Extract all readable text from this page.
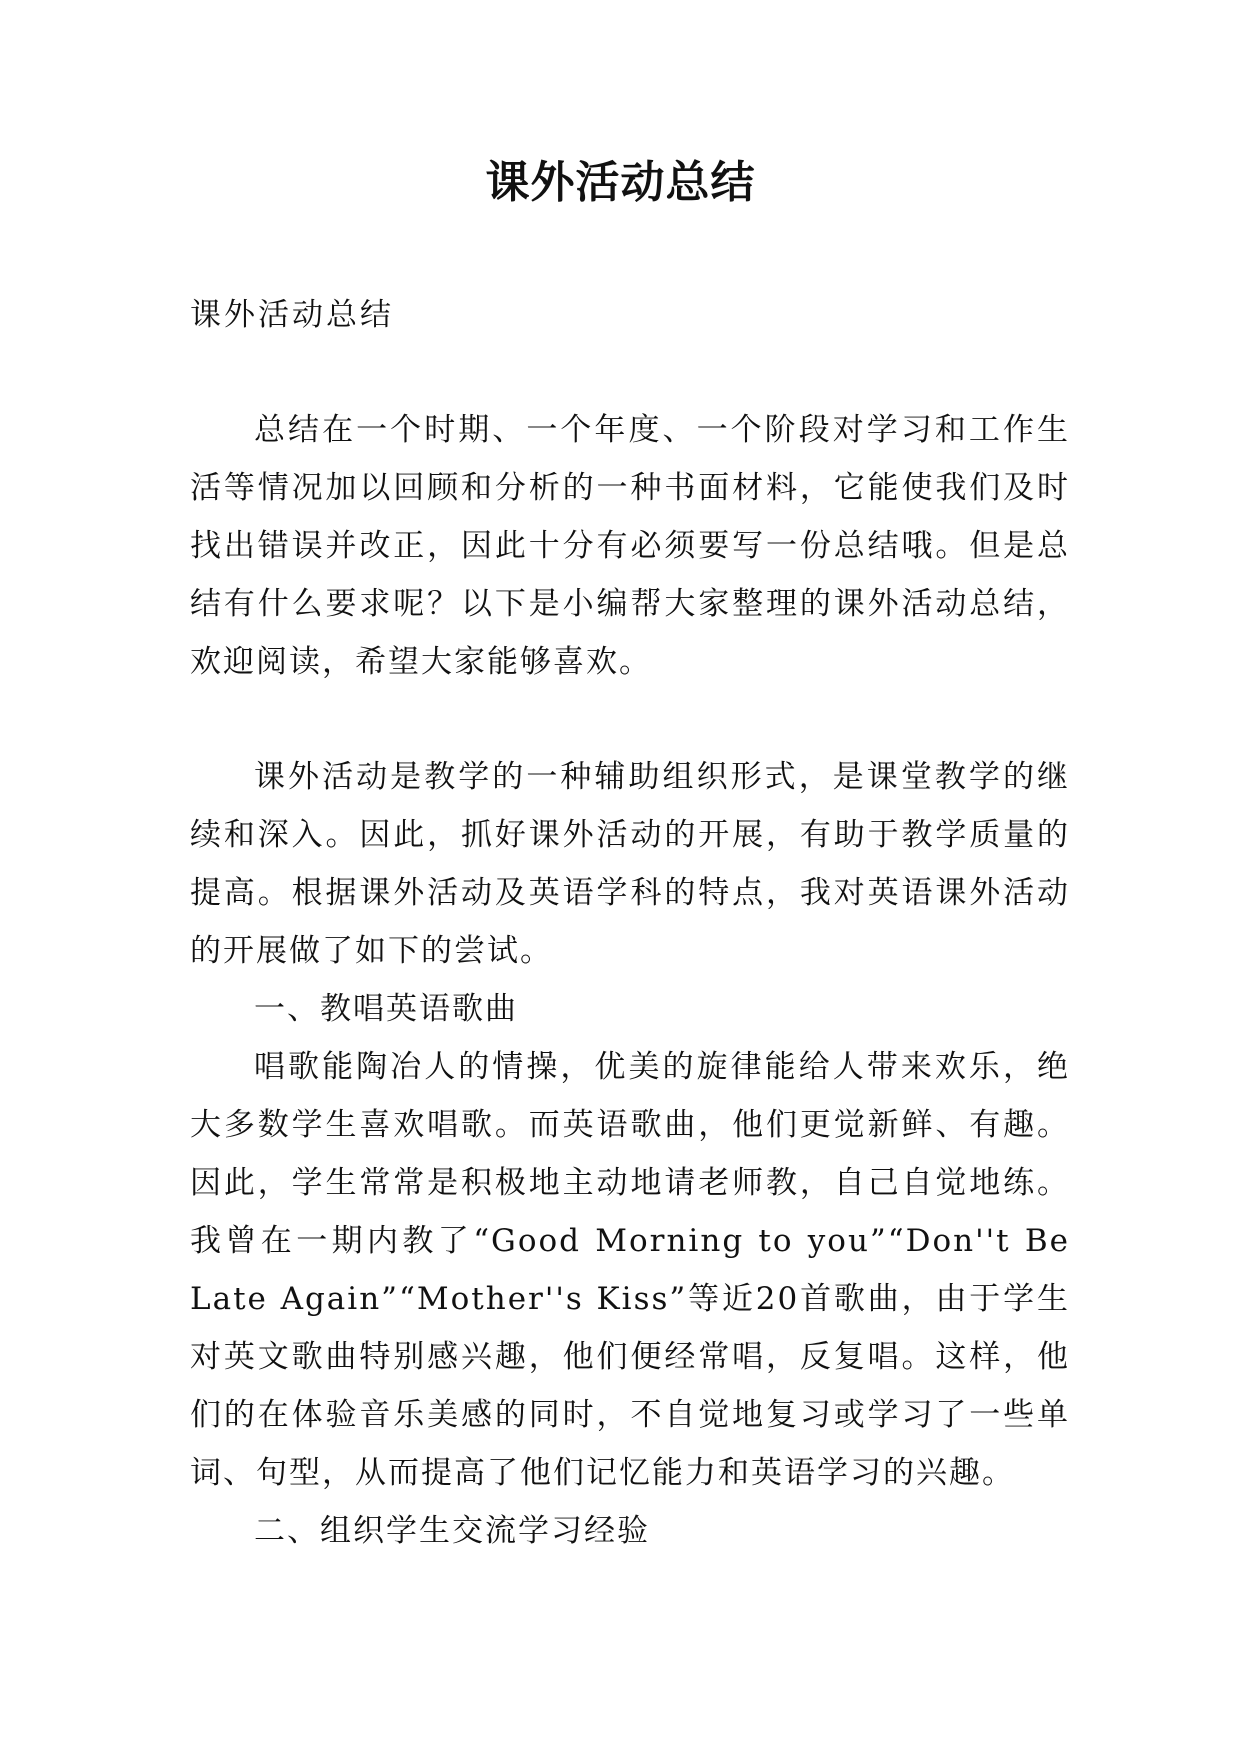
课外活动总结
课外活动总结

总结在一个时期、一个年度、一个阶段对学习和工作生活等情况加以回顾和分析的一种书面材料，它能使我们及时找出错误并改正，因此十分有必须要写一份总结哦。但是总结有什么要求呢？以下是小编帮大家整理的课外活动总结，欢迎阅读，希望大家能够喜欢。

课外活动是教学的一种辅助组织形式，是课堂教学的继续和深入。因此，抓好课外活动的开展，有助于教学质量的提高。根据课外活动及英语学科的特点，我对英语课外活动的开展做了如下的尝试。

一、教唱英语歌曲

唱歌能陶冶人的情操，优美的旋律能给人带来欢乐，绝大多数学生喜欢唱歌。而英语歌曲，他们更觉新鲜、有趣。因此，学生常常是积极地主动地请老师教，自己自觉地练。我曾在一期内教了“Good Morning to you”“Don''t Be Late Again”“Mother''s Kiss”等近20首歌曲，由于学生对英文歌曲特别感兴趣，他们便经常唱，反复唱。这样，他们的在体验音乐美感的同时，不自觉地复习或学习了一些单词、句型，从而提高了他们记忆能力和英语学习的兴趣。

二、组织学生交流学习经验
